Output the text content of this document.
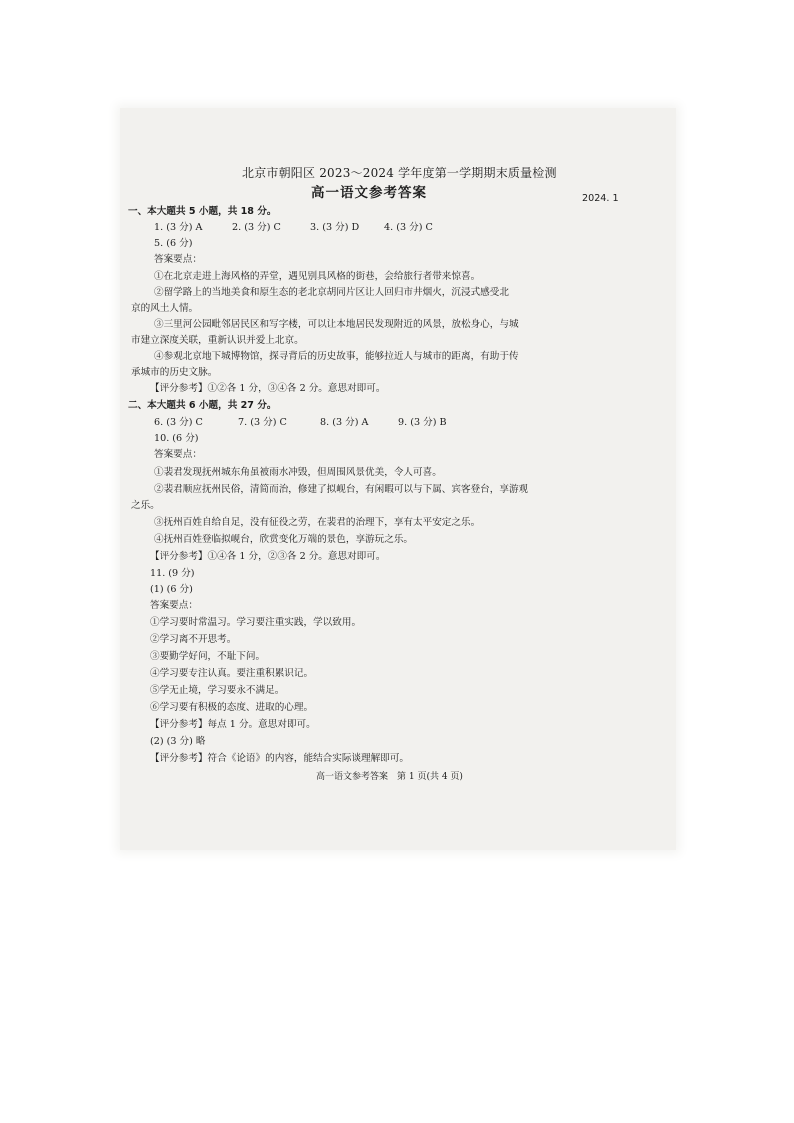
北京市朝阳区 2023～2024 学年度第一学期期末质量检测
高一语文参考答案	2024. 1
一、本大题共 5 小题，共 18 分。
1. (3 分) A	2. (3 分) C	3. (3 分) D	4. (3 分) C
5. (6 分)
答案要点：
①在北京走进上海风格的弄堂，遇见别具风格的街巷，会给旅行者带来惊喜。
②留学路上的当地美食和原生态的老北京胡同片区让人回归市井烟火，沉浸式感受北
京的风土人情。
③三里河公园毗邻居民区和写字楼，可以让本地居民发现附近的风景，放松身心，与城
市建立深度关联，重新认识并爱上北京。
④参观北京地下城博物馆，探寻背后的历史故事，能够拉近人与城市的距离，有助于传
承城市的历史文脉。
【评分参考】①②各 1 分，③④各 2 分。意思对即可。
二、本大题共 6 小题，共 27 分。
6. (3 分) C	7. (3 分) C	8. (3 分) A	9. (3 分) B
10. (6 分)
答案要点：
①裴君发现抚州城东角虽被雨水冲毁，但周围风景优美，令人可喜。
②裴君顺应抚州民俗，清简而治，修建了拟岘台，有闲暇可以与下属、宾客登台，享游观
之乐。
③抚州百姓自给自足，没有征役之劳，在裴君的治理下，享有太平安定之乐。
④抚州百姓登临拟岘台，欣赏变化万端的景色，享游玩之乐。
【评分参考】①④各 1 分，②③各 2 分。意思对即可。
11. (9 分)
(1) (6 分)
答案要点：
①学习要时常温习。学习要注重实践，学以致用。
②学习离不开思考。
③要勤学好问，不耻下问。
④学习要专注认真。要注重积累识记。
⑤学无止境，学习要永不满足。
⑥学习要有积极的态度、进取的心理。
【评分参考】每点 1 分。意思对即可。
(2) (3 分) 略
【评分参考】符合《论语》的内容，能结合实际谈理解即可。
高一语文参考答案　第 1 页(共 4 页)
